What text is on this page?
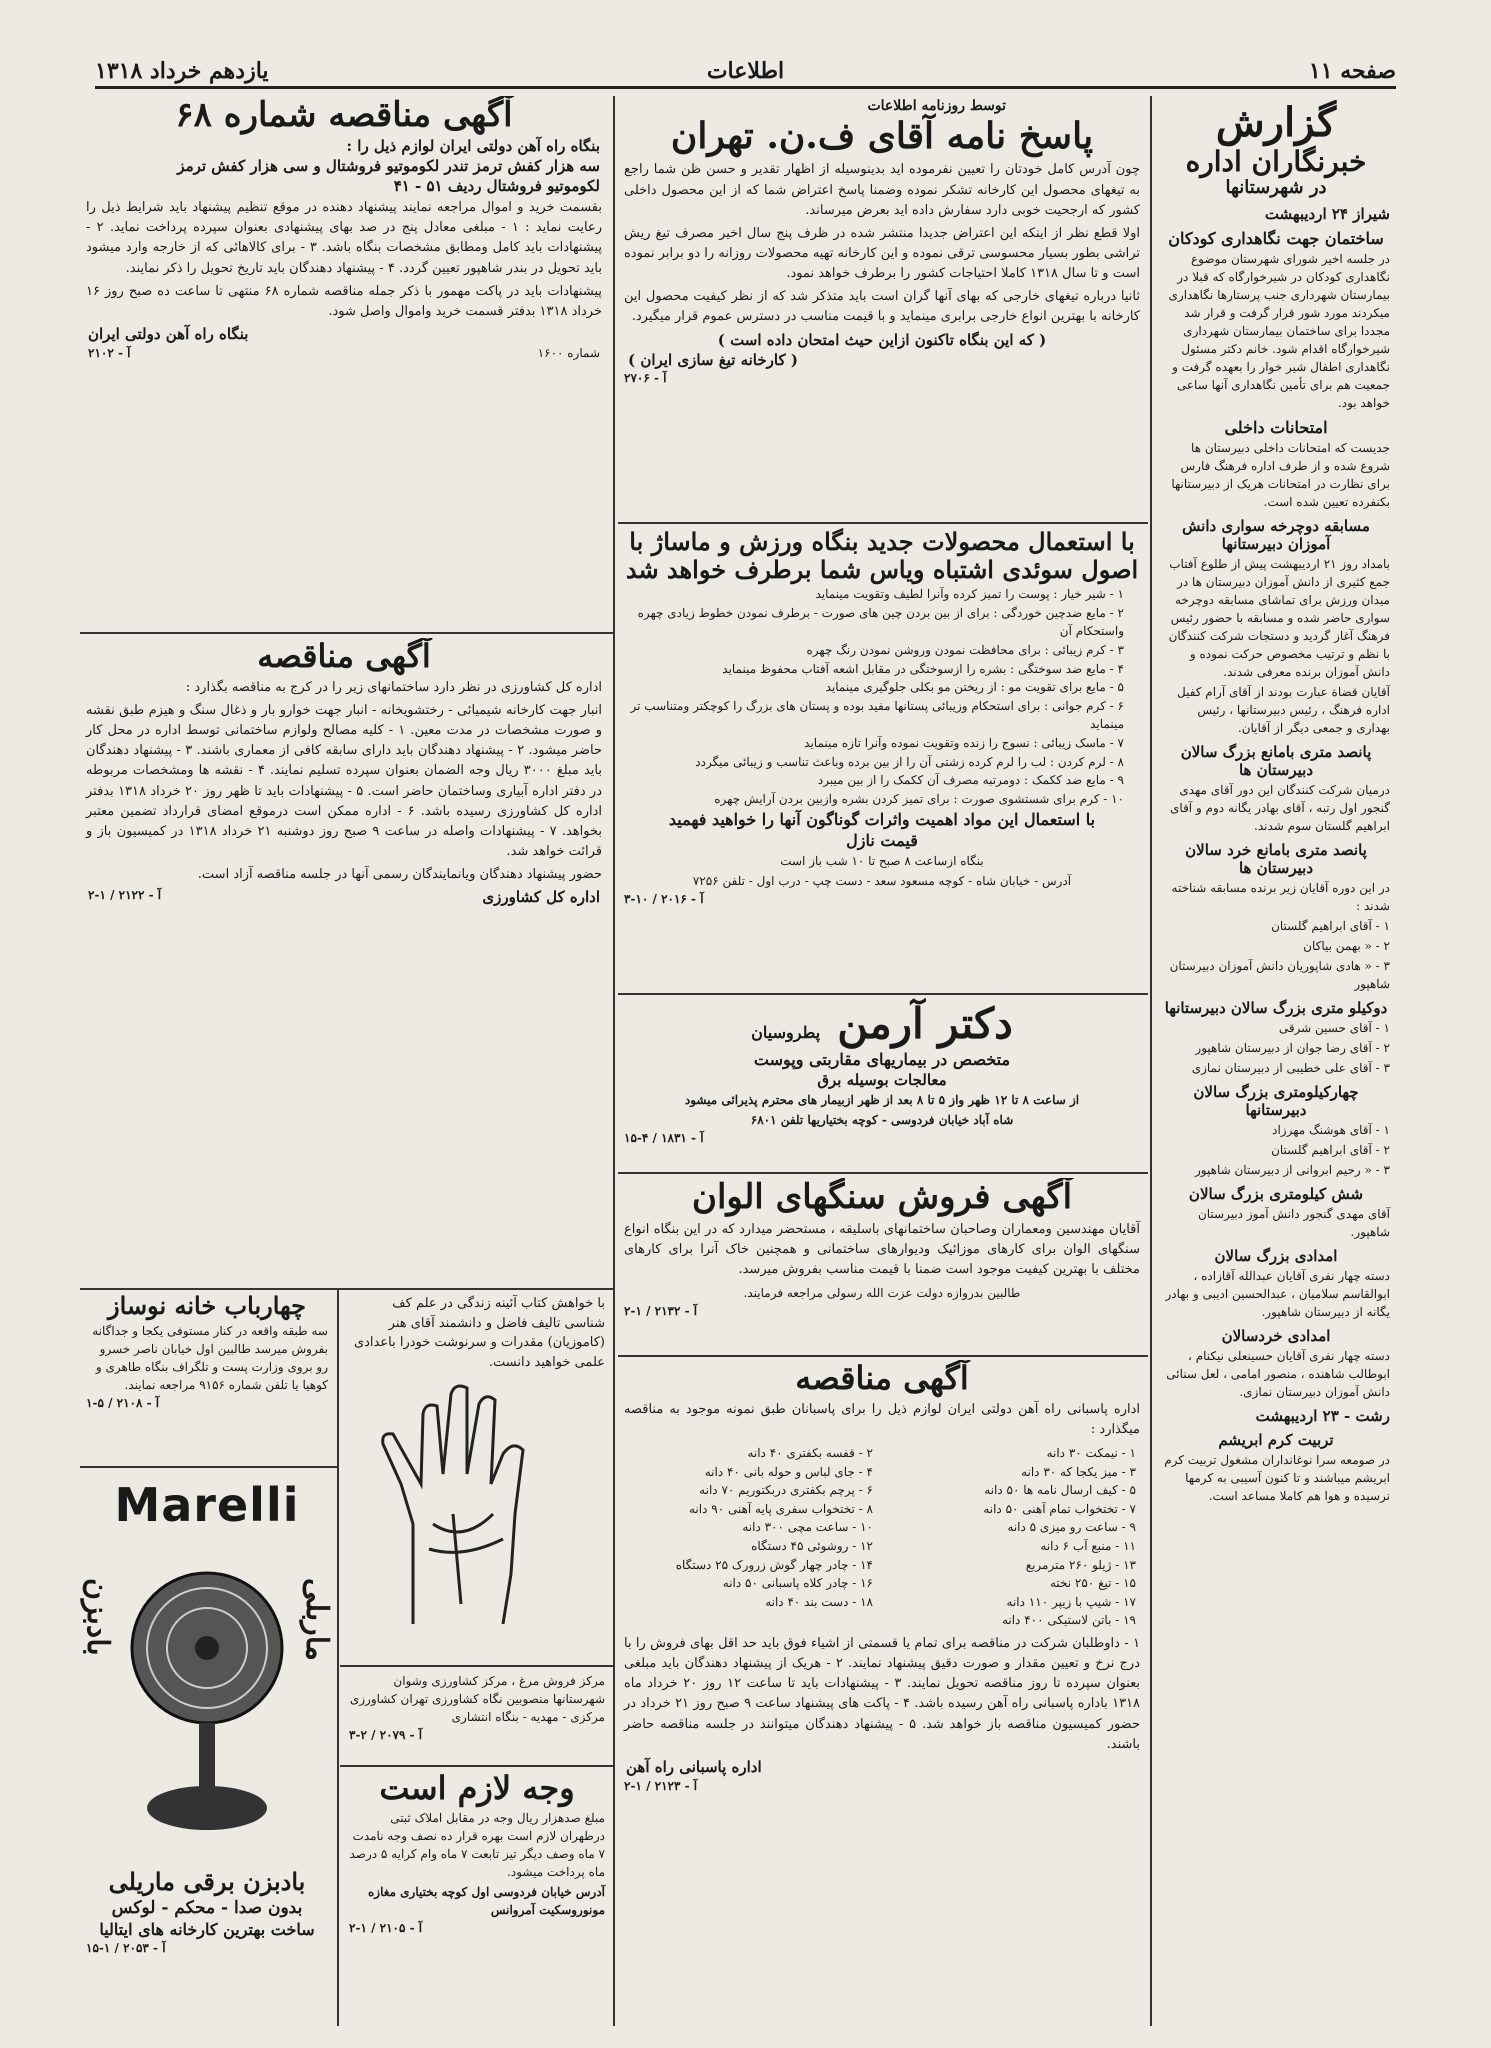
صفحه ۱۱
اطلاعات
یازدهم خرداد ۱۳۱۸
گزارش
خبرنگاران اداره
در شهرستانها
شیراز ۲۴ اردیبهشت
ساختمان جهت نگاهداری کودکان
در جلسه اخیر شورای شهرستان موضوع نگاهداری کودکان در شیرخوارگاه که قبلا در بیمارستان شهرداری جنب پرستارها نگاهداری میکردند مورد شور قرار گرفت و قرار شد مجددا برای ساختمان بیمارستان شهرداری شیرخوارگاه اقدام شود. خانم دکتر مسئول نگاهداری اطفال شیر خوار را بعهده گرفت و جمعیت هم برای تأمین نگاهداری آنها ساعی خواهد بود.
امتحانات داخلی
جدیست که امتحانات داخلی دبیرستان ها شروع شده و از طرف اداره فرهنگ فارس برای نظارت در امتحانات هریک از دبیرستانها بکنفرده تعیین شده است.
مسابقه دوچرخه سواری دانش آموزان دبیرستانها
بامداد روز ۲۱ اردیبهشت پیش از طلوع آفتاب جمع کثیری از دانش آموزان دبیرستان ها در میدان ورزش برای تماشای مسابقه دوچرخه سواری حاضر شده و مسابقه با حضور رئیس فرهنگ آغاز گردید و دستجات شرکت کنندگان با نظم و ترتیب مخصوص حرکت نموده و دانش آموزان برنده معرفی شدند.
آقایان قضاة عبارت بودند از آقای آرام کفیل اداره فرهنگ ، رئیس دبیرستانها ، رئیس بهداری و جمعی دیگر از آقایان.
پانصد متری بامانع بزرگ سالان دبیرستان ها
درمیان شرکت کنندگان این دور آقای مهدی گنجور اول رتبه ، آقای بهادر یگانه دوم و آقای ابراهیم گلستان سوم شدند.
پانصد متری بامانع خرد سالان دبیرستان ها
در این دوره آقایان زیر برنده مسابقه شناخته شدند :
۱ - آقای ابراهیم گلستان
۲ - « بهمن بیاکان
۳ - « هادی شاپوریان دانش آموزان دبیرستان شاهپور
دوکیلو متری بزرگ سالان دبیرستانها
۱ - آقای حسین شرقی
۲ - آقای رضا جوان از دبیرستان شاهپور
۳ - آقای علی خطیبی از دبیرستان نمازی
چهارکیلومتری بزرگ سالان دبیرستانها
۱ - آقای هوشنگ مهرزاد
۲ - آقای ابراهیم گلستان
۳ - « رحیم ابروانی از دبیرستان شاهپور
شش کیلومتری بزرگ سالان
آقای مهدی گنجور دانش آموز دبیرستان شاهپور.
امدادی بزرگ سالان
دسته چهار نفری آقایان عبدالله آقازاده ، ابوالقاسم سلامیان ، عبدالحسین ادیبی و بهادر یگانه از دبیرستان شاهپور.
امدادی خردسالان
دسته چهار نفری آقایان حسینعلی نیکنام ، ابوطالب شاهنده ، منصور امامی ، لعل سنائی دانش آموزان دبیرستان نمازی.
رشت - ۲۳ اردیبهشت
تربیت کرم ابریشم
در صومعه سرا نوغانداران مشغول تربیت کرم ابریشم میباشند و تا کنون آسیبی به کرمها نرسیده و هوا هم کاملا مساعد است.
توسط روزنامه اطلاعات
پاسخ نامه آقای ف.ن. تهران
چون آدرس کامل خودتان را تعیین نفرموده اید بدینوسیله از اظهار تقدیر و حسن ظن شما راجع به تیغهای محصول این کارخانه تشکر نموده وضمنا پاسخ اعتراض شما که از این محصول داخلی کشور که ارجحیت خوبی دارد سفارش داده اید بعرض میرساند.
اولا قطع نظر از اینکه این اعتراض جدیدا منتشر شده در ظرف پنج سال اخیر مصرف تیغ ریش تراشی بطور بسیار محسوسی ترقی نموده و این کارخانه تهیه محصولات روزانه را دو برابر نموده است و تا سال ۱۳۱۸ کاملا احتیاجات کشور را برطرف خواهد نمود.
ثانیا درباره تیغهای خارجی که بهای آنها گران است باید متذکر شد که از نظر کیفیت محصول این کارخانه با بهترین انواع خارجی برابری مینماید و با قیمت مناسب در دسترس عموم قرار میگیرد.
( که این بنگاه تاکنون ازاین حیث امتحان داده است )
( کارخانه تیغ سازی ایران )
آ - ۲۷۰۶
با استعمال محصولات جدید بنگاه ورزش و ماساژ با اصول سوئدی اشتباه ویاس شما برطرف خواهد شد
۱ - شیر خیار : پوست را تمیز کرده وآنرا لطیف وتقویت مینماید
۲ - مایع ضدچین خوردگی : برای از بین بردن چین های صورت - برطرف نمودن خطوط زیادی چهره واستحکام آن
۳ - کرم زیبائی : برای محافظت نمودن وروشن نمودن رنگ چهره
۴ - مایع ضد سوختگی : بشره را ازسوختگی در مقابل اشعه آفتاب محفوظ مینماید
۵ - مایع برای تقویت مو : از ریختن مو بکلی جلوگیری مینماید
۶ - کرم جوانی : برای استحکام وزیبائی پستانها مفید بوده و پستان های بزرگ را کوچکتر ومتناسب تر مینماید
۷ - ماسک زیبائی : نسوج را زنده وتقویت نموده وآنرا تازه مینماید
۸ - لرم کردن : لب را لرم کرده زشتی آن را از بین برده وباعث تناسب و زیبائی میگردد
۹ - مایع ضد ککمک : دومرتبه مصرف آن ککمک را از بین میبرد
۱۰ - کرم برای شستشوی صورت : برای تمیز کردن بشره وازبین بردن آرایش چهره
با استعمال این مواد اهمیت واثرات گوناگون آنها را خواهید فهمید
قیمت نازل
بنگاه ازساعت ۸ صبح تا ۱۰ شب باز است
آدرس - خیابان شاه - کوچه مسعود سعد - دست چپ - درب اول - تلفن ۷۲۵۶
آ - ۲۰۱۶ / ۱۰-۳
دکتر آرمن پطروسیان
متخصص در بیماریهای مقاربتی وپوست
معالجات بوسیله برق
از ساعت ۸ تا ۱۲ ظهر واز ۵ تا ۸ بعد از ظهر ازبیمار های محترم پذیرائی میشود
شاه آباد خیابان فردوسی - کوچه بختیاریها تلفن ۶۸۰۱
آ - ۱۸۳۱ / ۴-۱۵
آگهی فروش سنگهای الوان
آقایان مهندسین ومعماران وصاحبان ساختمانهای باسلیقه ، مستحضر میدارد که در این بنگاه انواع سنگهای الوان برای کارهای موزائیک ودیوارهای ساختمانی و همچنین خاک آنرا برای کارهای مختلف با بهترین کیفیت موجود است ضمنا با قیمت مناسب بفروش میرسد.
طالبین بدروازه دولت عزت الله رسولی مراجعه فرمایند.
آ - ۲۱۳۲ / ۱-۲
آگهی مناقصه
اداره پاسبانی راه آهن دولتی ایران لوازم ذیل را برای پاسبانان طبق نمونه موجود به مناقصه میگذارد :
۱ - نیمکت ۳۰ دانه
۳ - میز یکجا که ۳۰ دانه
۵ - کیف ارسال نامه ها ۵۰ دانه
۷ - تختخواب تمام آهنی ۵۰ دانه
۹ - ساعت رو میزی ۵ دانه
۱۱ - منبع آب ۶ دانه
۱۳ - ژیلو ۲۶۰ مترمربع
۱۵ - تیغ ۲۵۰ نخته
۱۷ - شیپ با زیپر ۱۱۰ دانه
۱۹ - باتن لاستیکی ۴۰۰ دانه
۲ - قفسه بکفتری ۴۰ دانه
۴ - جای لباس و حوله بانی ۴۰ دانه
۶ - پرچم بکفتری دربکتوریم ۷۰ دانه
۸ - تختخواب سفری پایه آهنی ۹۰ دانه
۱۰ - ساعت مچی ۳۰۰ دانه
۱۲ - روشوئی ۴۵ دستگاه
۱۴ - چادر چهار گوش زرورک ۲۵ دستگاه
۱۶ - چادر کلاه پاسبانی ۵۰ دانه
۱۸ - دست بند ۴۰ دانه
۱ - داوطلبان شرکت در مناقصه برای تمام یا قسمتی از اشیاء فوق باید حد اقل بهای فروش را با درج نرخ و تعیین مقدار و صورت دقیق پیشنهاد نمایند. ۲ - هریک از پیشنهاد دهندگان باید مبلغی بعنوان سپرده تا روز مناقصه تحویل نمایند. ۳ - پیشنهادات باید تا ساعت ۱۲ روز ۲۰ خرداد ماه ۱۳۱۸ باداره پاسبانی راه آهن رسیده باشد. ۴ - پاکت های پیشنهاد ساعت ۹ صبح روز ۲۱ خرداد در حضور کمیسیون مناقصه باز خواهد شد. ۵ - پیشنهاد دهندگان میتوانند در جلسه مناقصه حاضر باشند.
اداره پاسبانی راه آهن
آ - ۲۱۲۳ / ۱-۲
آگهی مناقصه شماره ۶۸
بنگاه راه آهن دولتی ایران لوازم ذیل را :
سه هزار کفش ترمز تندر لکوموتیو فروشتال و سی هزار کفش ترمز
لکوموتیو فروشتال ردیف ۵۱ - ۴۱
بقسمت خرید و اموال مراجعه نمایند پیشنهاد دهنده در موقع تنظیم پیشنهاد باید شرایط ذیل را رعایت نماید : ۱ - مبلغی معادل پنج در صد بهای پیشنهادی بعنوان سپرده پرداخت نماید. ۲ - پیشنهادات باید کامل ومطابق مشخصات بنگاه باشد. ۳ - برای کالاهائی که از خارجه وارد میشود باید تحویل در بندر شاهپور تعیین گردد. ۴ - پیشنهاد دهندگان باید تاریخ تحویل را ذکر نمایند.
پیشنهادات باید در پاکت مهمور با ذکر جمله مناقصه شماره ۶۸ منتهی تا ساعت ده صبح روز ۱۶ خرداد ۱۳۱۸ بدفتر قسمت خرید واموال واصل شود.
بنگاه راه آهن دولتی ایران
شماره ۱۶۰۰
آ - ۲۱۰۲
آگهی مناقصه
اداره کل کشاورزی در نظر دارد ساختمانهای زیر را در کرج به مناقصه بگذارد :
انبار جهت کارخانه شیمیائی - رختشویخانه - انبار جهت خوارو بار و ذغال سنگ و هیزم طبق نقشه و صورت مشخصات در مدت معین. ۱ - کلیه مصالح ولوازم ساختمانی توسط اداره در محل کار حاضر میشود. ۲ - پیشنهاد دهندگان باید دارای سابقه کافی از معماری باشند. ۳ - پیشنهاد دهندگان باید مبلغ ۳۰۰۰ ریال وجه الضمان بعنوان سپرده تسلیم نمایند. ۴ - نقشه ها ومشخصات مربوطه در دفتر اداره آبیاری وساختمان حاضر است. ۵ - پیشنهادات باید تا ظهر روز ۲۰ خرداد ۱۳۱۸ بدفتر اداره کل کشاورزی رسیده باشد. ۶ - اداره ممکن است درموقع امضای قرارداد تضمین معتبر بخواهد. ۷ - پیشنهادات واصله در ساعت ۹ صبح روز دوشنبه ۲۱ خرداد ۱۳۱۸ در کمیسیون باز و قرائت خواهد شد.
حضور پیشنهاد دهندگان ویانمایندگان رسمی آنها در جلسه مناقصه آزاد است.
اداره کل کشاورزی
آ - ۲۱۲۲ / ۱-۲
با خواهش کتاب آئینه زندگی در علم کف شناسی تالیف فاضل و دانشمند آقای هنر (کاموزیان) مقدرات و سرنوشت خودرا باعدادی علمی خواهید دانست.
مرکز فروش مرغ ، مرکز کشاورزی وشوان شهرستانها منصوبین نگاه کشاورزی تهران کشاورزی مرکزی - مهدیه - بنگاه انتشاری
آ - ۲۰۷۹ / ۲-۳
وجه لازم است
مبلغ صدهزار ریال وجه در مقابل املاک ثبتی درطهران لازم است بهره قرار ده نصف وجه نامدت ۷ ماه وصف دیگر تیز تابعت ۷ ماه وام کرایه ۵ درصد ماه پرداخت میشود.
آدرس خیابان فردوسی اول کوچه بختیاری مغازه مونوروسکیت آمروانس
آ - ۲۱۰۵ / ۱-۲
چهارباب خانه نوساز
سه طبقه واقعه در کنار مستوفی یکجا و جداگانه بفروش میرسد طالبین اول خیابان ناصر خسرو رو بروی وزارت پست و تلگراف بنگاه طاهری و کوهیا یا تلفن شماره ۹۱۵۶ مراجعه نمایند.
آ - ۲۱۰۸ / ۵-۱
Marelli
ماربلی
بادبزن
بادبزن برقی ماریلی
بدون صدا - محکم - لوکس
ساخت بهترین کارخانه های ایتالیا
آ - ۲۰۵۳ / ۱-۱۵
